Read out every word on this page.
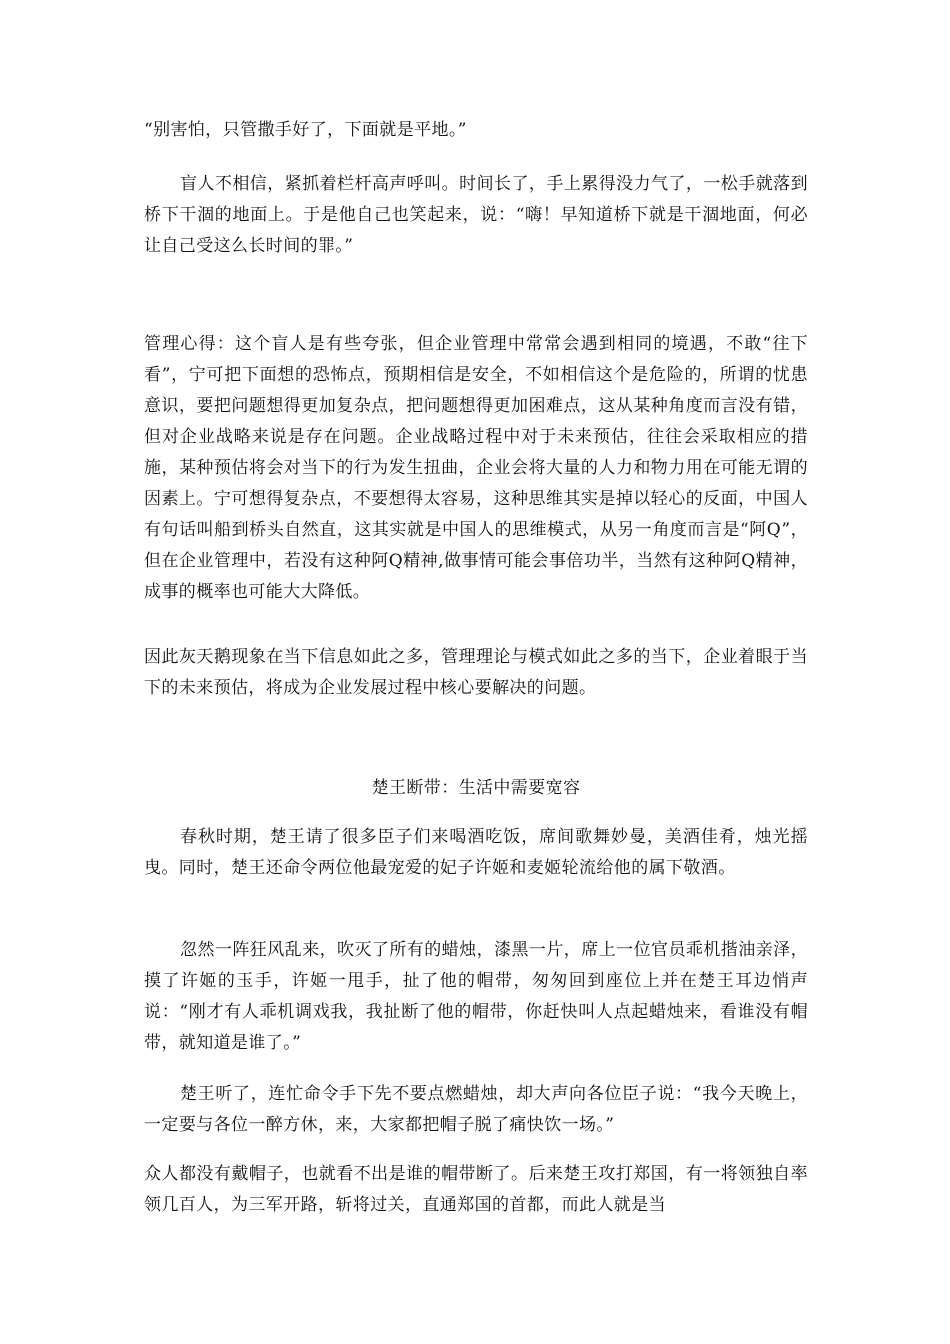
“别害怕，只管撒手好了，下面就是平地。”

盲人不相信，紧抓着栏杆高声呼叫。时间长了，手上累得没力气了，一松手就落到桥下干涸的地面上。于是他自己也笑起来，说：“嗨！早知道桥下就是干涸地面，何必让自己受这么长时间的罪。”

管理心得：这个盲人是有些夸张，但企业管理中常常会遇到相同的境遇，不敢“往下看”，宁可把下面想的恐怖点，预期相信是安全，不如相信这个是危险的，所谓的忧患意识，要把问题想得更加复杂点，把问题想得更加困难点，这从某种角度而言没有错，但对企业战略来说是存在问题。企业战略过程中对于未来预估，往往会采取相应的措施，某种预估将会对当下的行为发生扭曲，企业会将大量的人力和物力用在可能无谓的因素上。宁可想得复杂点，不要想得太容易，这种思维其实是掉以轻心的反面，中国人有句话叫船到桥头自然直，这其实就是中国人的思维模式，从另一角度而言是“阿Q”，但在企业管理中，若没有这种阿Q精神,做事情可能会事倍功半，当然有这种阿Q精神，成事的概率也可能大大降低。

因此灰天鹅现象在当下信息如此之多，管理理论与模式如此之多的当下，企业着眼于当下的未来预估，将成为企业发展过程中核心要解决的问题。

楚王断带：生活中需要宽容

春秋时期，楚王请了很多臣子们来喝酒吃饭，席间歌舞妙曼，美酒佳肴，烛光摇曳。同时，楚王还命令两位他最宠爱的妃子许姬和麦姬轮流给他的属下敬酒。

忽然一阵狂风乱来，吹灭了所有的蜡烛，漆黑一片，席上一位官员乖机揩油亲泽，摸了许姬的玉手，许姬一甩手，扯了他的帽带，匆匆回到座位上并在楚王耳边悄声说：“刚才有人乖机调戏我，我扯断了他的帽带，你赶快叫人点起蜡烛来，看谁没有帽带，就知道是谁了。”

楚王听了，连忙命令手下先不要点燃蜡烛，却大声向各位臣子说：“我今天晚上，一定要与各位一醉方休，来，大家都把帽子脱了痛快饮一场。”

众人都没有戴帽子，也就看不出是谁的帽带断了。后来楚王攻打郑国，有一将领独自率领几百人，为三军开路，斩将过关，直通郑国的首都，而此人就是当
